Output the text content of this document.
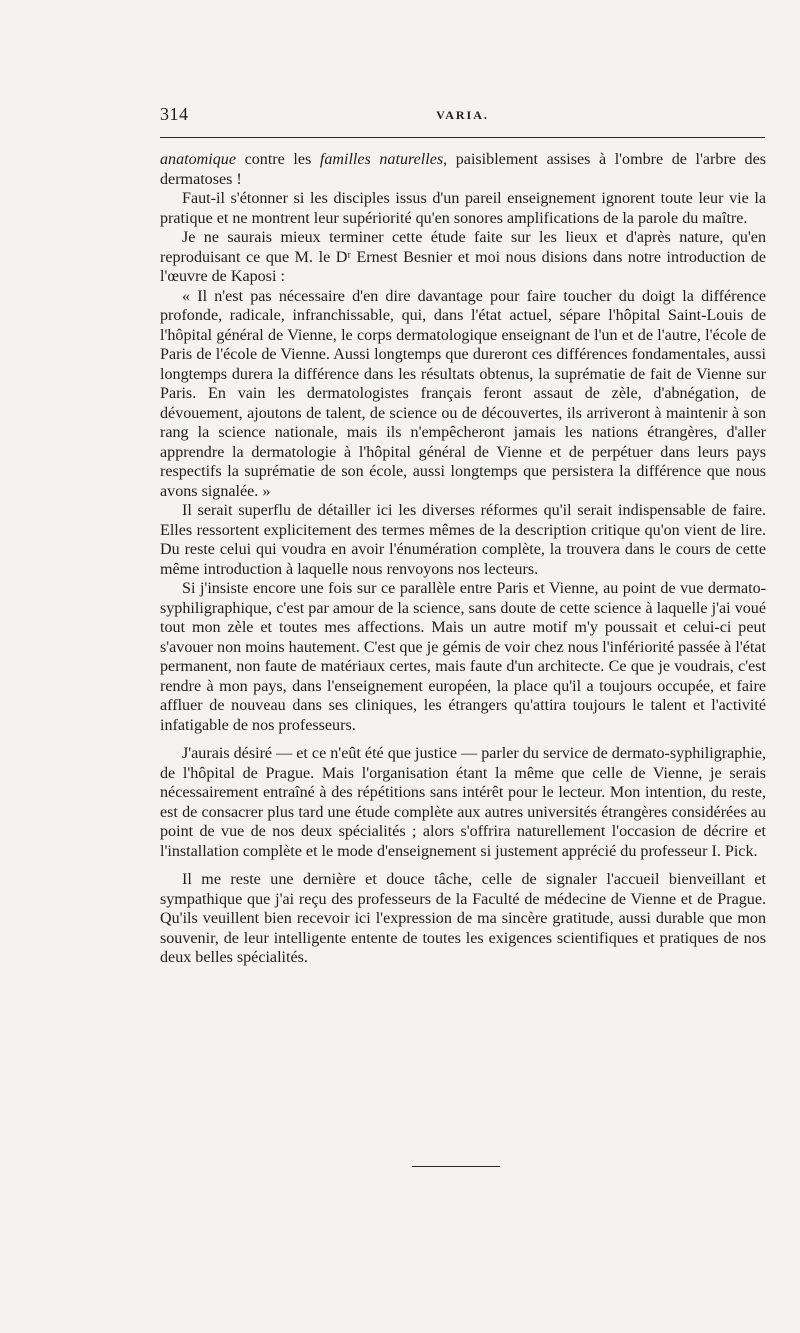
314	VARIA.

anatomique contre les familles naturelles, paisiblement assises à l'ombre de l'arbre des dermatoses !

Faut-il s'étonner si les disciples issus d'un pareil enseignement ignorent toute leur vie la pratique et ne montrent leur supériorité qu'en sonores amplifications de la parole du maître.

Je ne saurais mieux terminer cette étude faite sur les lieux et d'après nature, qu'en reproduisant ce que M. le Dʳ Ernest Besnier et moi nous disions dans notre introduction de l'œuvre de Kaposi :

« Il n'est pas nécessaire d'en dire davantage pour faire toucher du doigt la différence profonde, radicale, infranchissable, qui, dans l'état actuel, sépare l'hôpital Saint-Louis de l'hôpital général de Vienne, le corps dermatologique enseignant de l'un et de l'autre, l'école de Paris de l'école de Vienne. Aussi longtemps que dureront ces différences fondamentales, aussi longtemps durera la différence dans les résultats obtenus, la suprématie de fait de Vienne sur Paris. En vain les dermatologistes français feront assaut de zèle, d'abnégation, de dévouement, ajoutons de talent, de science ou de découvertes, ils arriveront à maintenir à son rang la science nationale, mais ils n'empêcheront jamais les nations étrangères, d'aller apprendre la dermatologie à l'hôpital général de Vienne et de perpétuer dans leurs pays respectifs la suprématie de son école, aussi longtemps que persistera la différence que nous avons signalée. »

Il serait superflu de détailler ici les diverses réformes qu'il serait indispensable de faire. Elles ressortent explicitement des termes mêmes de la description critique qu'on vient de lire. Du reste celui qui voudra en avoir l'énumération complète, la trouvera dans le cours de cette même introduction à laquelle nous renvoyons nos lecteurs.

Si j'insiste encore une fois sur ce parallèle entre Paris et Vienne, au point de vue dermato-syphiligraphique, c'est par amour de la science, sans doute de cette science à laquelle j'ai voué tout mon zèle et toutes mes affections. Mais un autre motif m'y poussait et celui-ci peut s'avouer non moins hautement. C'est que je gémis de voir chez nous l'infériorité passée à l'état permanent, non faute de matériaux certes, mais faute d'un architecte. Ce que je voudrais, c'est rendre à mon pays, dans l'enseignement européen, la place qu'il a toujours occupée, et faire affluer de nouveau dans ses cliniques, les étrangers qu'attira toujours le talent et l'activité infatigable de nos professeurs.

J'aurais désiré — et ce n'eût été que justice — parler du service de dermato-syphiligraphie, de l'hôpital de Prague. Mais l'organisation étant la même que celle de Vienne, je serais nécessairement entraîné à des répétitions sans intérêt pour le lecteur. Mon intention, du reste, est de consacrer plus tard une étude complète aux autres universités étrangères considérées au point de vue de nos deux spécialités ; alors s'offrira naturellement l'occasion de décrire et l'installation complète et le mode d'enseignement si justement apprécié du professeur I. Pick.

Il me reste une dernière et douce tâche, celle de signaler l'accueil bienveillant et sympathique que j'ai reçu des professeurs de la Faculté de médecine de Vienne et de Prague. Qu'ils veuillent bien recevoir ici l'expression de ma sincère gratitude, aussi durable que mon souvenir, de leur intelligente entente de toutes les exigences scientifiques et pratiques de nos deux belles spécialités.
